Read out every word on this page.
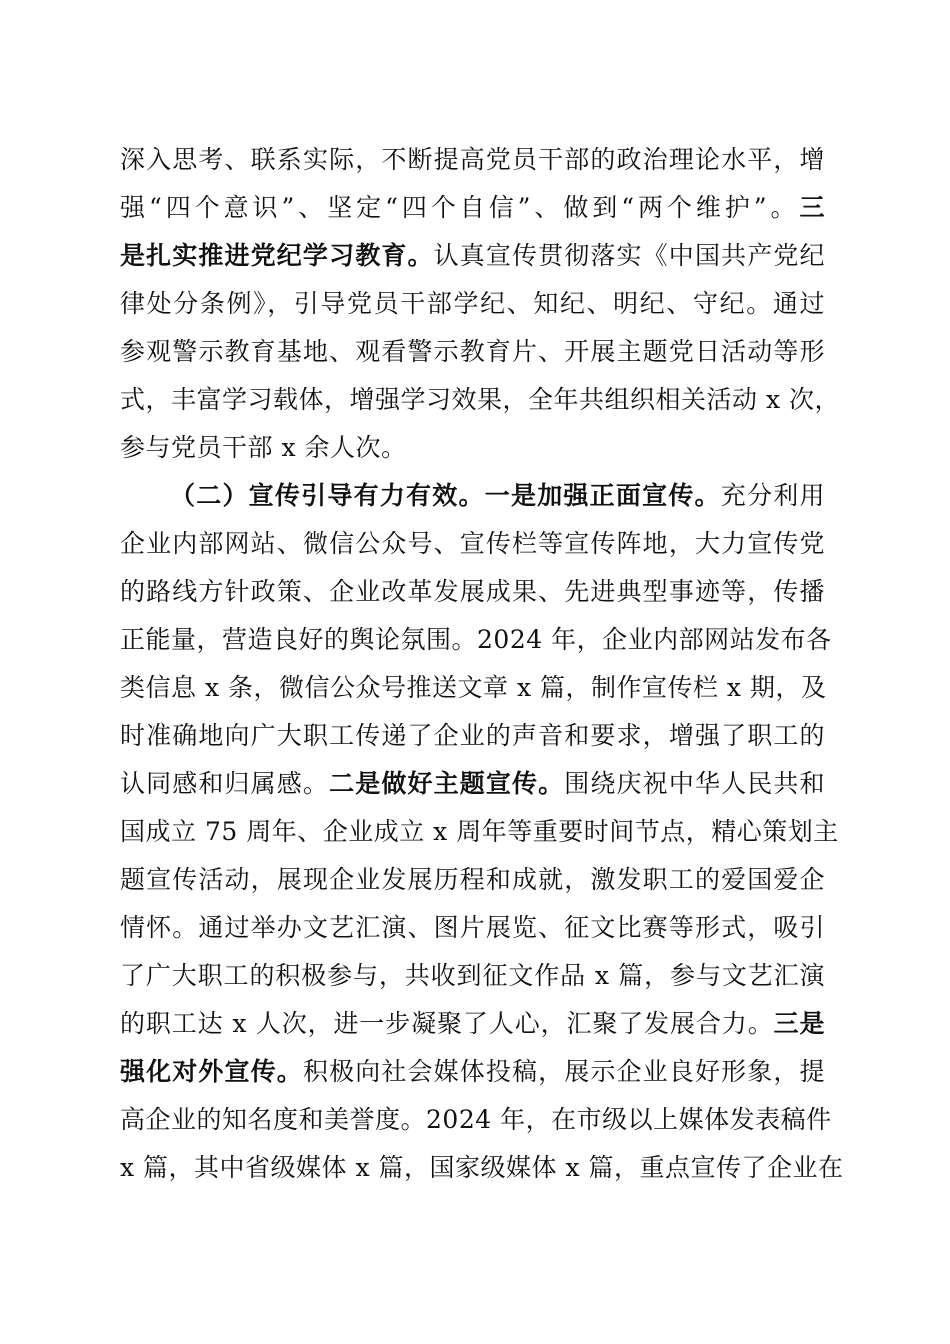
深入思考、联系实际，不断提高党员干部的政治理论水平，增
强“四个意识”、坚定“四个自信”、做到“两个维护”。三
是扎实推进党纪学习教育。认真宣传贯彻落实《中国共产党纪
律处分条例》，引导党员干部学纪、知纪、明纪、守纪。通过
参观警示教育基地、观看警示教育片、开展主题党日活动等形
式，丰富学习载体，增强学习效果，全年共组织相关活动 x 次，
参与党员干部 x 余人次。
（二）宣传引导有力有效。一是加强正面宣传。充分利用
企业内部网站、微信公众号、宣传栏等宣传阵地，大力宣传党
的路线方针政策、企业改革发展成果、先进典型事迹等，传播
正能量，营造良好的舆论氛围。2024 年，企业内部网站发布各
类信息 x 条，微信公众号推送文章 x 篇，制作宣传栏 x 期，及
时准确地向广大职工传递了企业的声音和要求，增强了职工的
认同感和归属感。二是做好主题宣传。围绕庆祝中华人民共和
国成立 75 周年、企业成立 x 周年等重要时间节点，精心策划主
题宣传活动，展现企业发展历程和成就，激发职工的爱国爱企
情怀。通过举办文艺汇演、图片展览、征文比赛等形式，吸引
了广大职工的积极参与，共收到征文作品 x 篇，参与文艺汇演
的职工达 x 人次，进一步凝聚了人心，汇聚了发展合力。三是
强化对外宣传。积极向社会媒体投稿，展示企业良好形象，提
高企业的知名度和美誉度。2024 年，在市级以上媒体发表稿件
x 篇，其中省级媒体 x 篇，国家级媒体 x 篇，重点宣传了企业在
